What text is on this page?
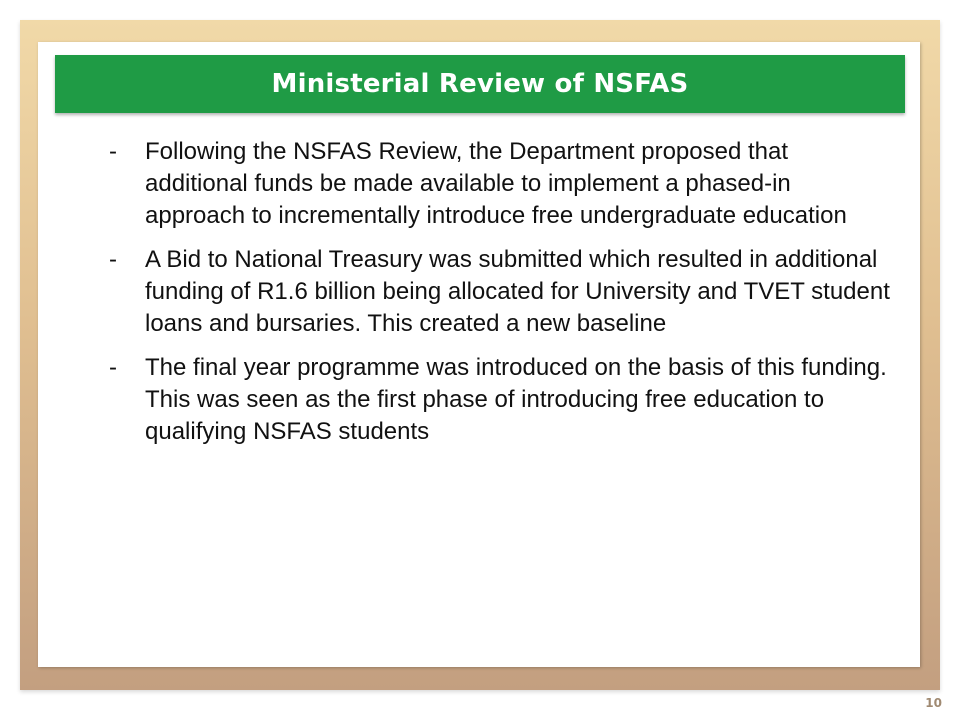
Ministerial Review of NSFAS
- Following the NSFAS Review, the Department proposed that additional funds be made available to implement a phased-in approach to incrementally introduce free undergraduate education
- A Bid to National Treasury was submitted which resulted in additional funding of R1.6 billion being allocated for University and TVET student loans and bursaries. This created a new baseline
- The final year programme was introduced on the basis of this funding. This was seen as the first phase of introducing free education to qualifying NSFAS students
10
